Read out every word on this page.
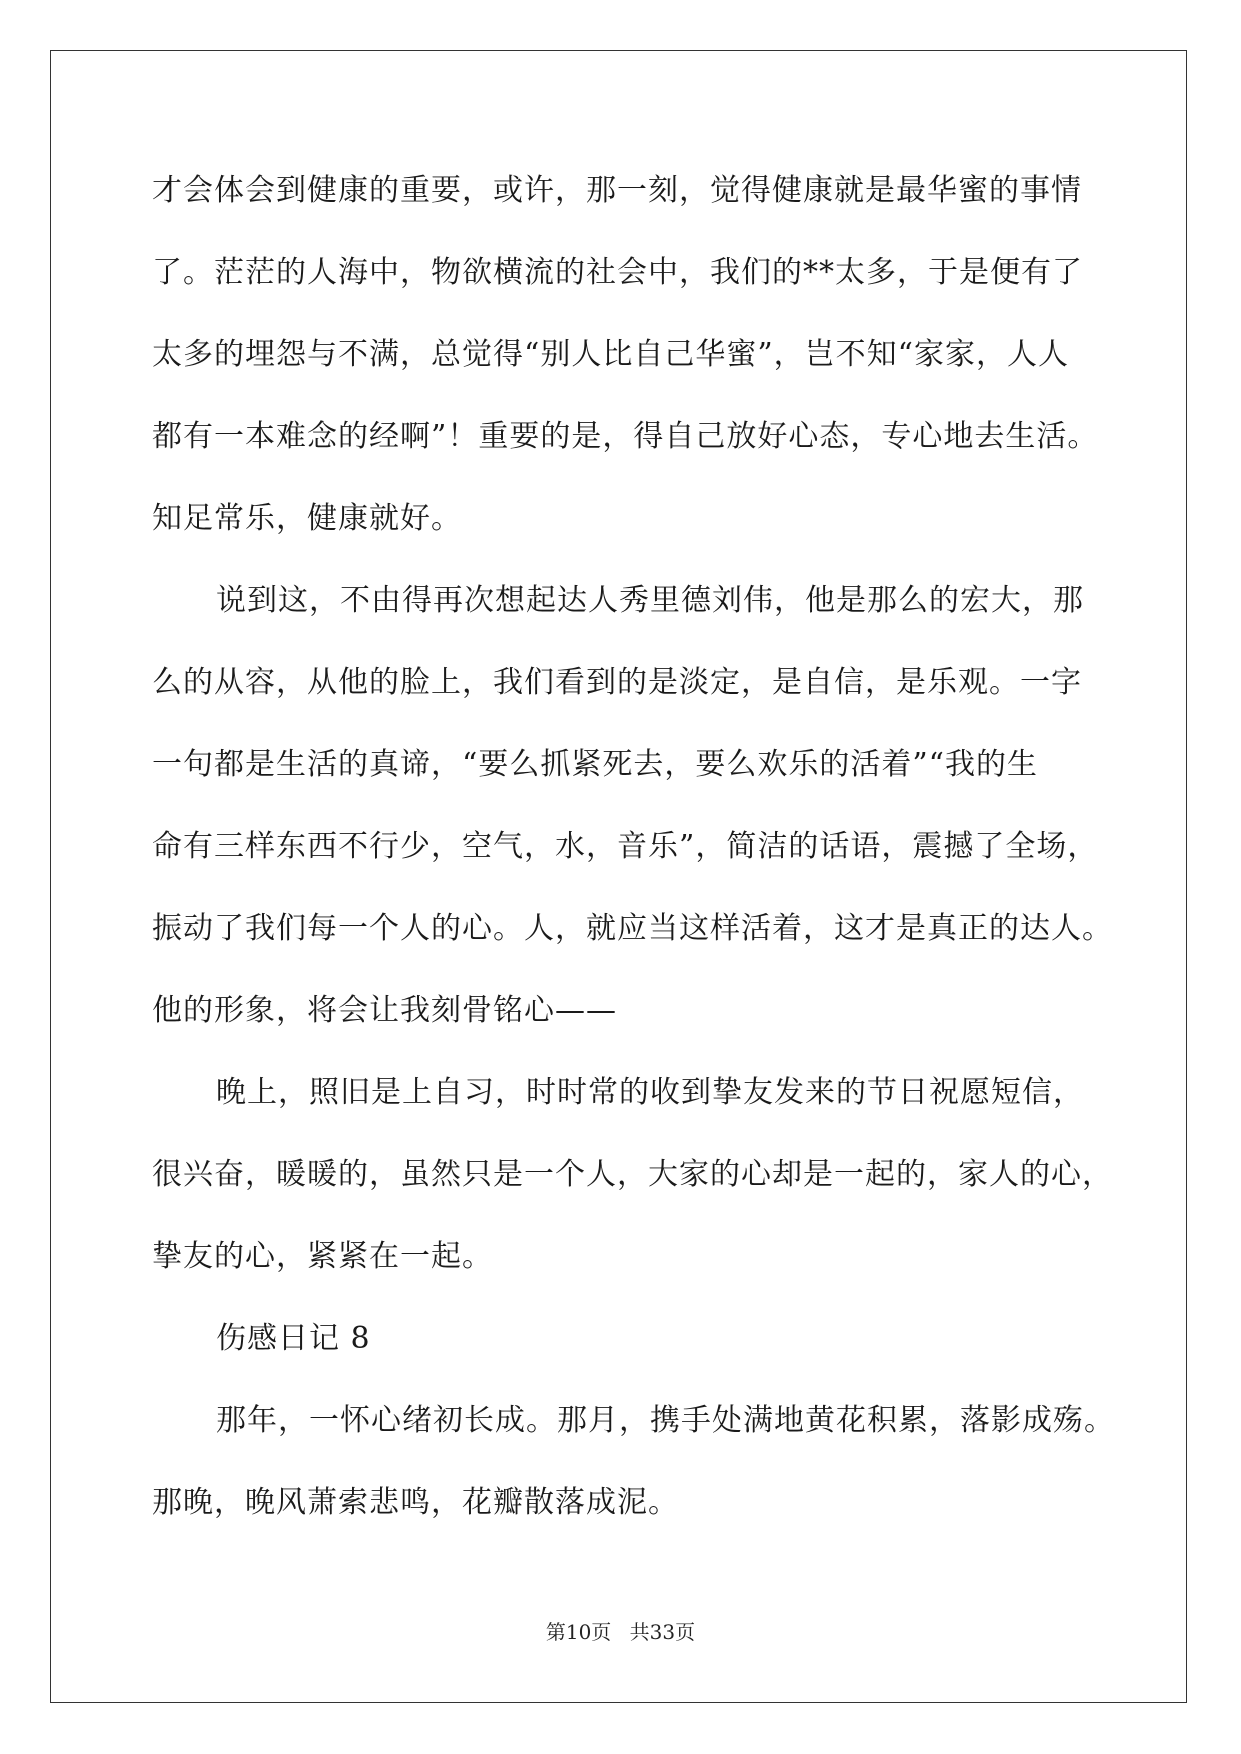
才会体会到健康的重要，或许，那一刻，觉得健康就是最华蜜的事情
了。茫茫的人海中，物欲横流的社会中，我们的**太多，于是便有了
太多的埋怨与不满，总觉得“别人比自己华蜜”，岂不知“家家，人人
都有一本难念的经啊”！重要的是，得自己放好心态，专心地去生活。
知足常乐，健康就好。
说到这，不由得再次想起达人秀里德刘伟，他是那么的宏大，那
么的从容，从他的脸上，我们看到的是淡定，是自信，是乐观。一字
一句都是生活的真谛，“要么抓紧死去，要么欢乐的活着”“我的生
命有三样东西不行少，空气，水，音乐”，简洁的话语，震撼了全场，
振动了我们每一个人的心。人，就应当这样活着，这才是真正的达人。
他的形象，将会让我刻骨铭心——
晚上，照旧是上自习，时时常的收到挚友发来的节日祝愿短信，
很兴奋，暖暖的，虽然只是一个人，大家的心却是一起的，家人的心，
挚友的心，紧紧在一起。
伤感日记 8
那年，一怀心绪初长成。那月，携手处满地黄花积累，落影成殇。
那晚，晚风萧索悲鸣，花瓣散落成泥。
第10页 共33页
